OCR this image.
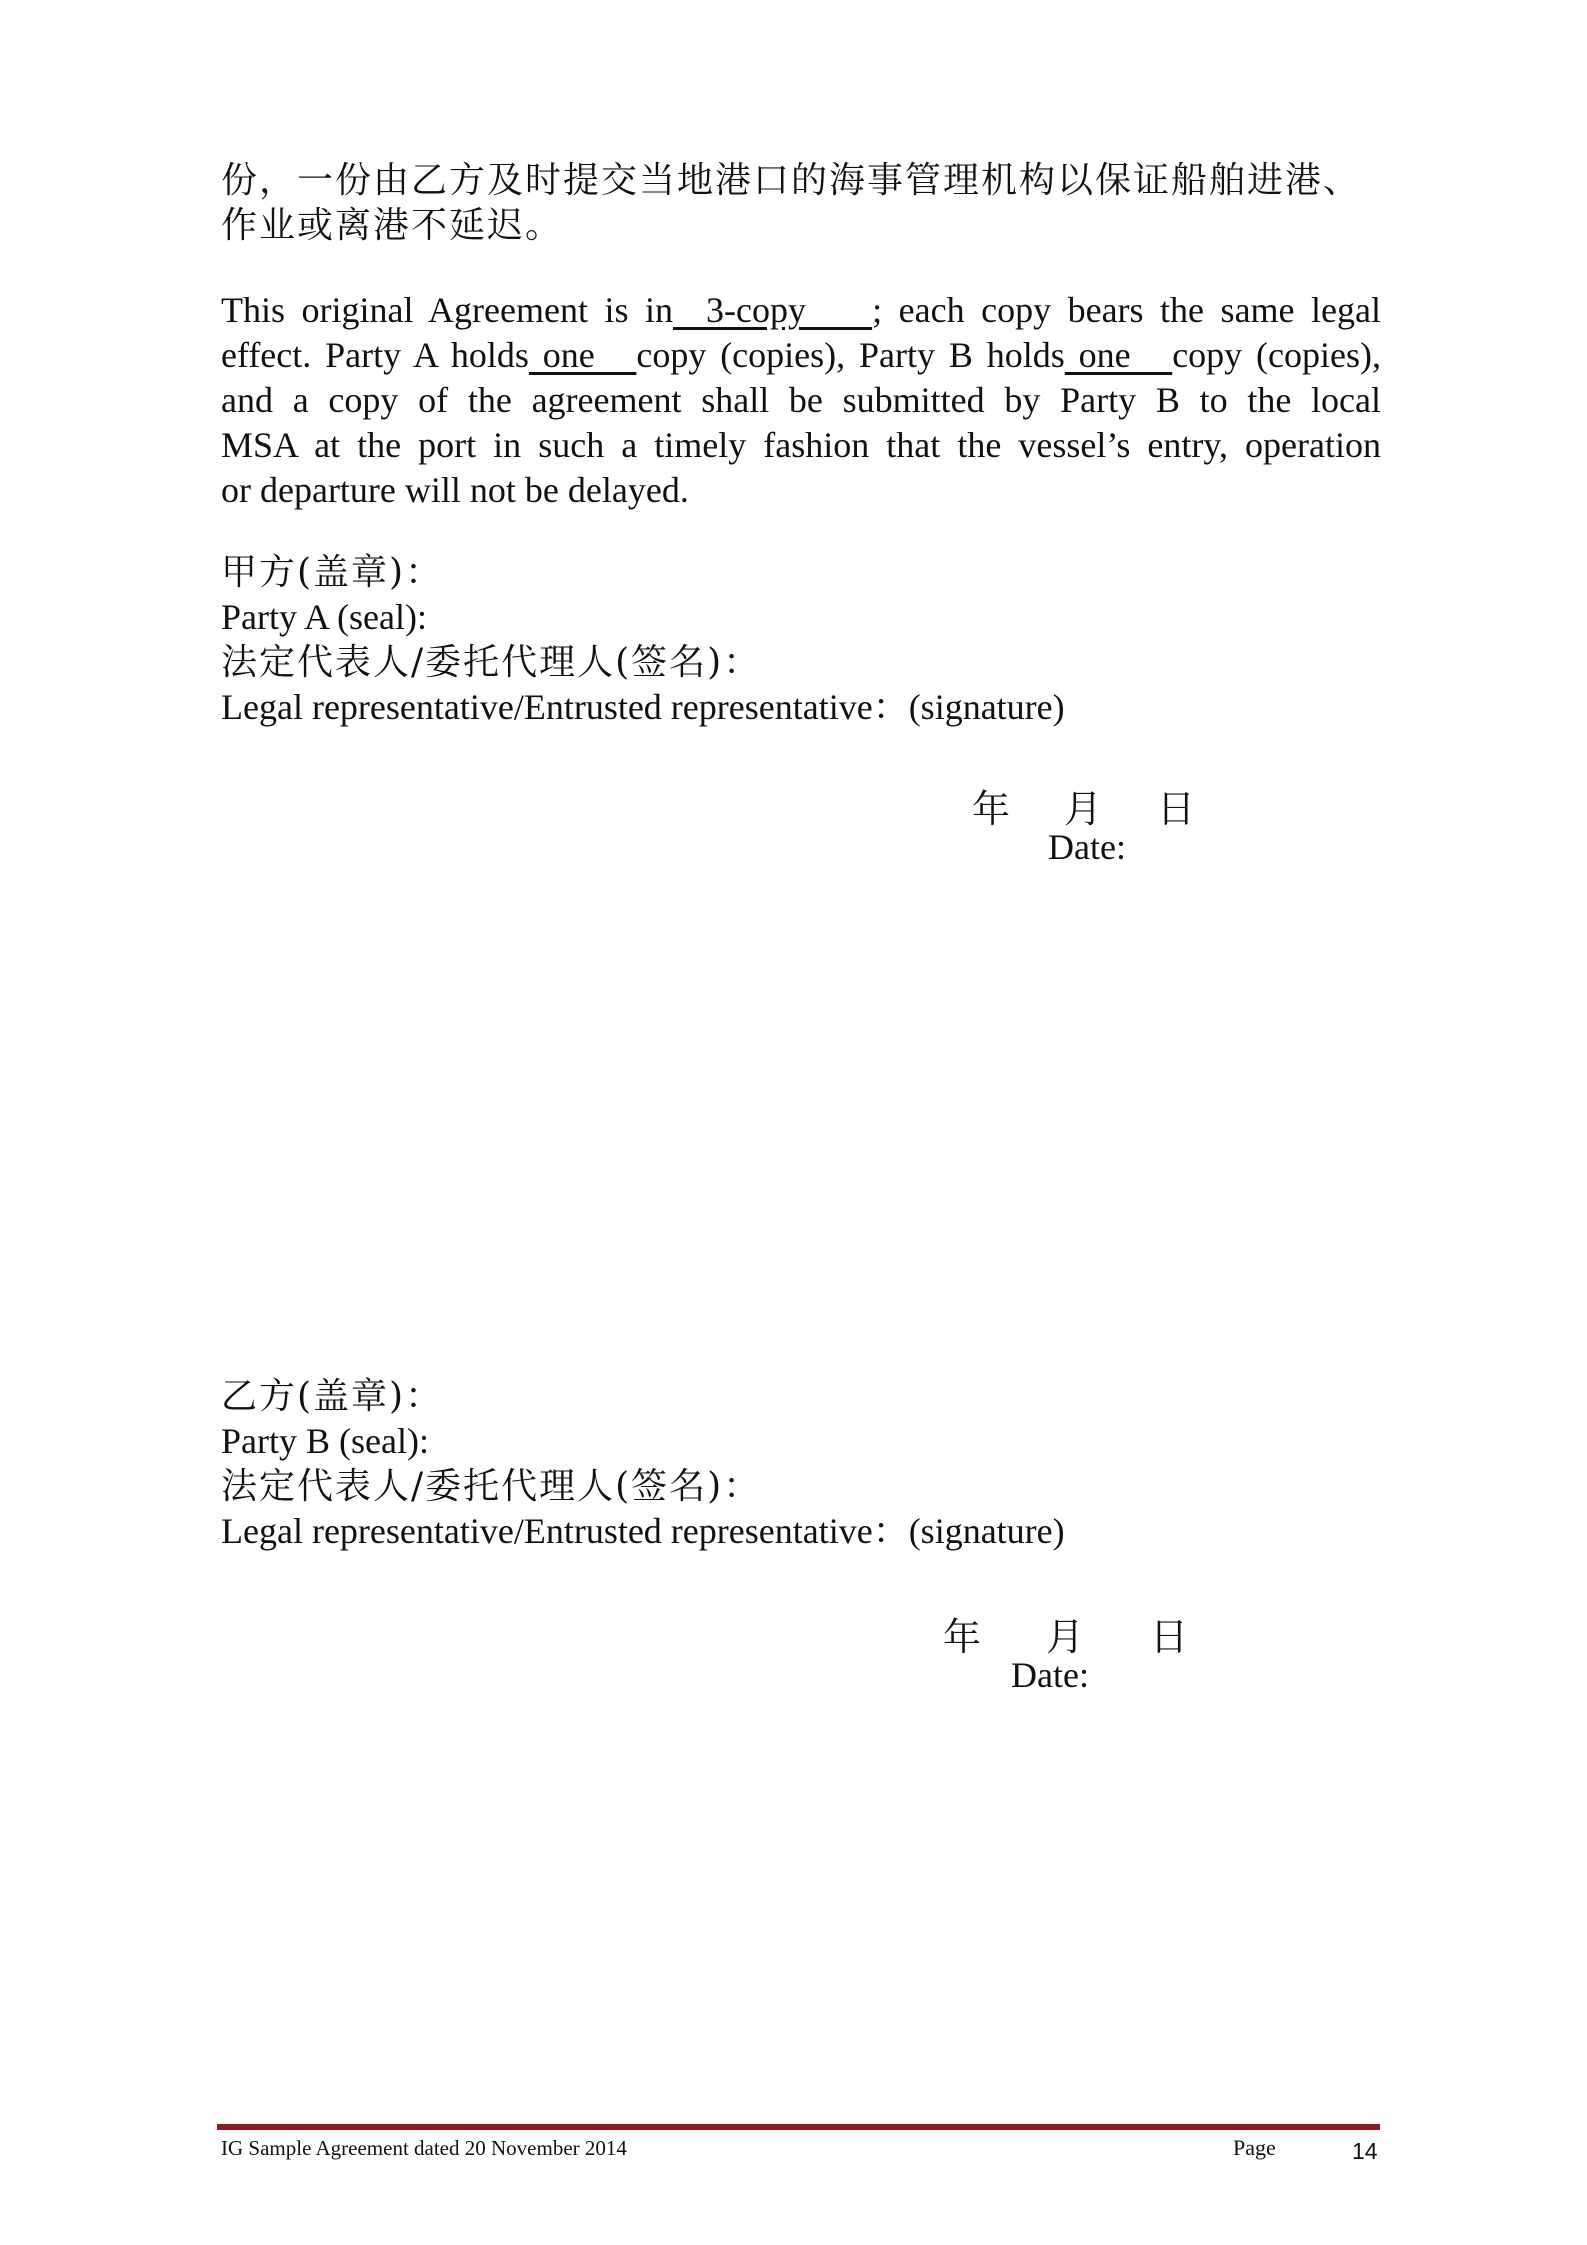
份，一份由乙方及时提交当地港口的海事管理机构以保证船舶进港、
作业或离港不延迟。
This original Agreement is in  3-copy    ; each copy bears the same legal
effect. Party A holds one   copy (copies), Party B holds one   copy (copies),
and a copy of the agreement shall be submitted by Party B to the local
MSA at the port in such a timely fashion that the vessel’s entry, operation
or departure will not be delayed.
甲方(盖章)：
Party A (seal):
法定代表人/委托代理人(签名)：
Legal representative/Entrusted representative：(signature)
年 月 日
Date:
乙方(盖章)：
Party B (seal):
法定代表人/委托代理人(签名)：
Legal representative/Entrusted representative：(signature)
年 月 日
Date:
IG Sample Agreement dated 20 November 2014	Page	14
